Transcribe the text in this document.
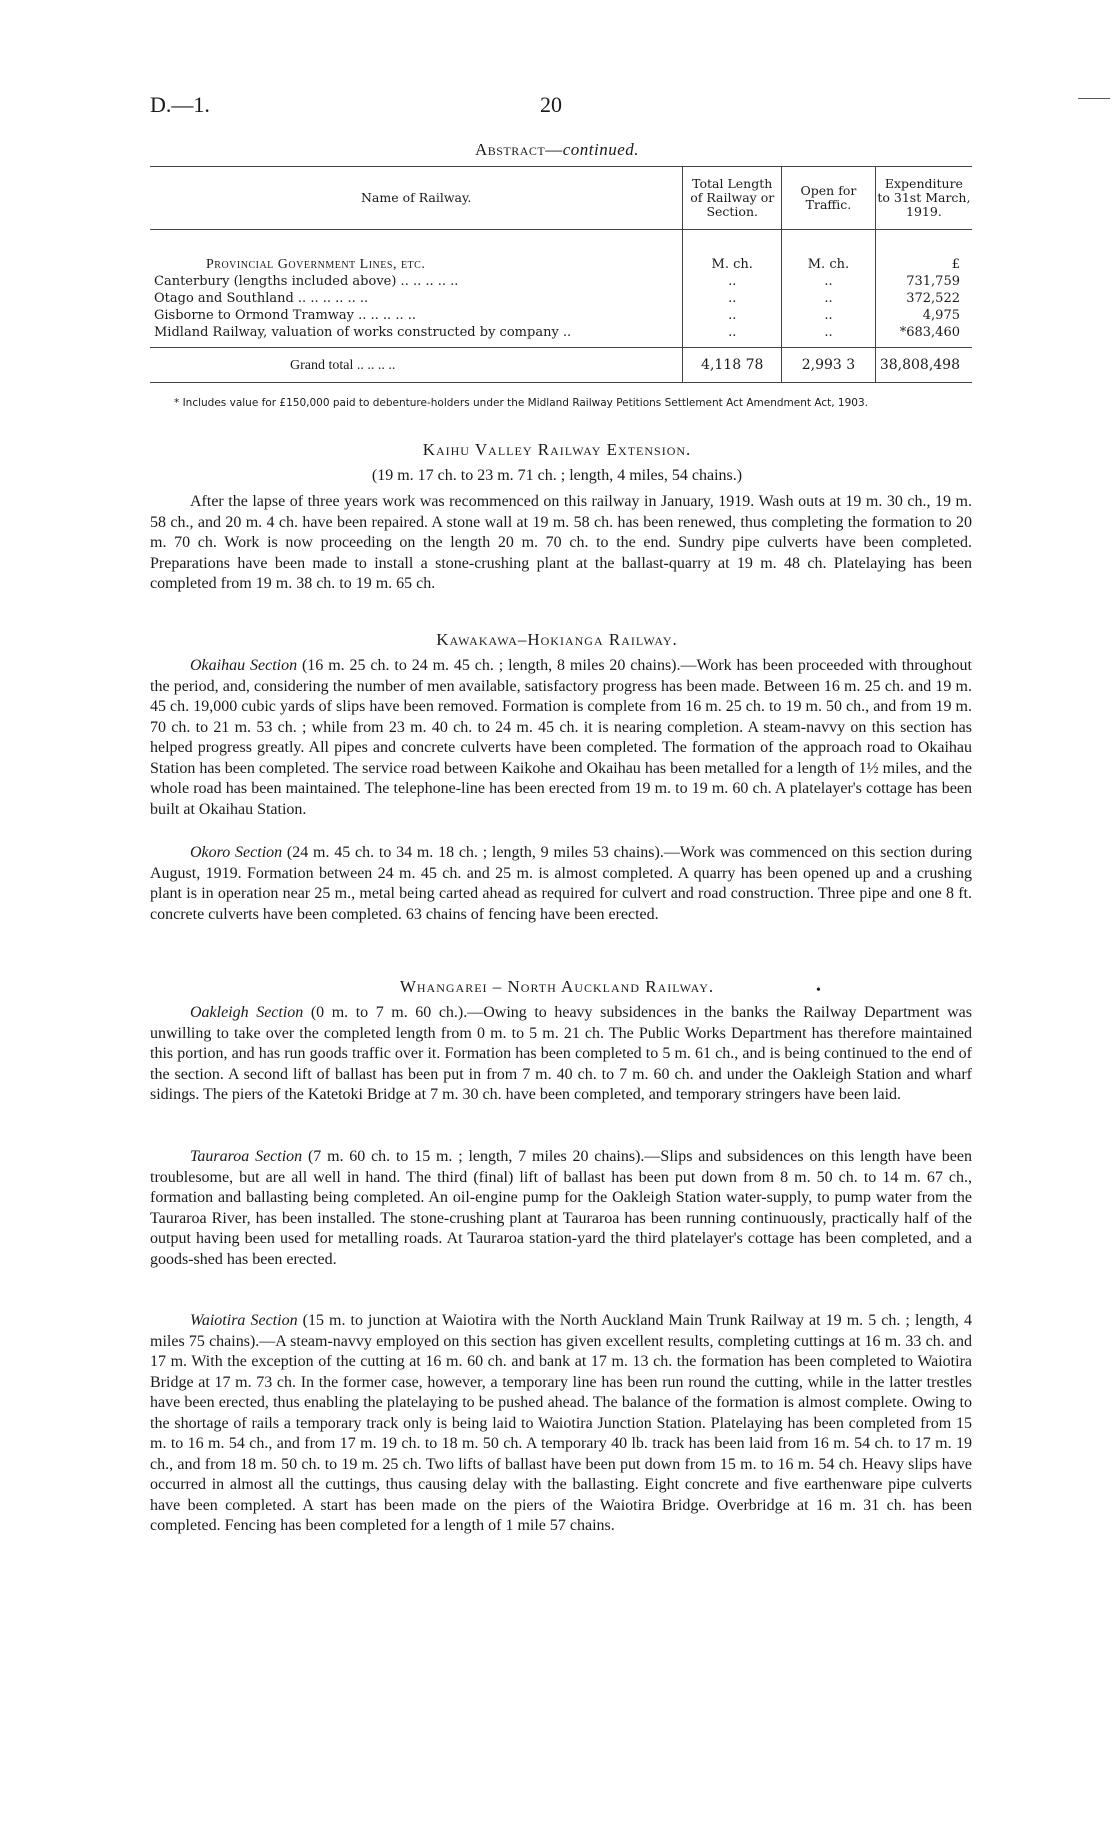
D.—1.	20
Abstract—continued.
Name of Railway.	Total Length of Railway or Section.	Open for Traffic.	Expenditure to 31st March, 1919.

Provincial Government Lines, etc.	M. ch.	M. ch.	£
Canterbury (lengths included above) .. .. .. .. ..	..	..	731,759
Otago and Southland .. .. .. .. .. ..	..	..	372,522
Gisborne to Ormond Tramway .. .. .. .. ..	..	..	4,975
Midland Railway, valuation of works constructed by company ..	..	..	*683,460
Grand total .. .. .. ..	4,118 78	2,993 3	38,808,498
* Includes value for £150,000 paid to debenture-holders under the Midland Railway Petitions Settlement Act Amendment Act, 1903.
Kaihu Valley Railway Extension.
(19 m. 17 ch. to 23 m. 71 ch. ; length, 4 miles, 54 chains.)

After the lapse of three years work was recommenced on this railway in January, 1919. Wash outs at 19 m. 30 ch., 19 m. 58 ch., and 20 m. 4 ch. have been repaired. A stone wall at 19 m. 58 ch. has been renewed, thus completing the formation to 20 m. 70 ch. Work is now proceeding on the length 20 m. 70 ch. to the end. Sundry pipe culverts have been completed. Preparations have been made to install a stone-crushing plant at the ballast-quarry at 19 m. 48 ch. Platelaying has been completed from 19 m. 38 ch. to 19 m. 65 ch.

Kawakawa–Hokianga Railway.

Okaihau Section (16 m. 25 ch. to 24 m. 45 ch. ; length, 8 miles 20 chains).—Work has been proceeded with throughout the period, and, considering the number of men available, satisfactory progress has been made. Between 16 m. 25 ch. and 19 m. 45 ch. 19,000 cubic yards of slips have been removed. Formation is complete from 16 m. 25 ch. to 19 m. 50 ch., and from 19 m. 70 ch. to 21 m. 53 ch. ; while from 23 m. 40 ch. to 24 m. 45 ch. it is nearing completion. A steam-navvy on this section has helped progress greatly. All pipes and concrete culverts have been completed. The formation of the approach road to Okaihau Station has been completed. The service road between Kaikohe and Okaihau has been metalled for a length of 1½ miles, and the whole road has been maintained. The telephone-line has been erected from 19 m. to 19 m. 60 ch. A platelayer's cottage has been built at Okaihau Station.

Okoro Section (24 m. 45 ch. to 34 m. 18 ch. ; length, 9 miles 53 chains).—Work was commenced on this section during August, 1919. Formation between 24 m. 45 ch. and 25 m. is almost completed. A quarry has been opened up and a crushing plant is in operation near 25 m., metal being carted ahead as required for culvert and road construction. Three pipe and one 8 ft. concrete culverts have been completed. 63 chains of fencing have been erected.

Whangarei – North Auckland Railway.	•

Oakleigh Section (0 m. to 7 m. 60 ch.).—Owing to heavy subsidences in the banks the Railway Department was unwilling to take over the completed length from 0 m. to 5 m. 21 ch. The Public Works Department has therefore maintained this portion, and has run goods traffic over it. Formation has been completed to 5 m. 61 ch., and is being continued to the end of the section. A second lift of ballast has been put in from 7 m. 40 ch. to 7 m. 60 ch. and under the Oakleigh Station and wharf sidings. The piers of the Katetoki Bridge at 7 m. 30 ch. have been completed, and temporary stringers have been laid.

Tauraroa Section (7 m. 60 ch. to 15 m. ; length, 7 miles 20 chains).—Slips and subsidences on this length have been troublesome, but are all well in hand. The third (final) lift of ballast has been put down from 8 m. 50 ch. to 14 m. 67 ch., formation and ballasting being completed. An oil-engine pump for the Oakleigh Station water-supply, to pump water from the Tauraroa River, has been installed. The stone-crushing plant at Tauraroa has been running continuously, practically half of the output having been used for metalling roads. At Tauraroa station-yard the third platelayer's cottage has been completed, and a goods-shed has been erected.

Waiotira Section (15 m. to junction at Waiotira with the North Auckland Main Trunk Railway at 19 m. 5 ch. ; length, 4 miles 75 chains).—A steam-navvy employed on this section has given excellent results, completing cuttings at 16 m. 33 ch. and 17 m. With the exception of the cutting at 16 m. 60 ch. and bank at 17 m. 13 ch. the formation has been completed to Waiotira Bridge at 17 m. 73 ch. In the former case, however, a temporary line has been run round the cutting, while in the latter trestles have been erected, thus enabling the platelaying to be pushed ahead. The balance of the formation is almost complete. Owing to the shortage of rails a temporary track only is being laid to Waiotira Junction Station. Platelaying has been completed from 15 m. to 16 m. 54 ch., and from 17 m. 19 ch. to 18 m. 50 ch. A temporary 40 lb. track has been laid from 16 m. 54 ch. to 17 m. 19 ch., and from 18 m. 50 ch. to 19 m. 25 ch. Two lifts of ballast have been put down from 15 m. to 16 m. 54 ch. Heavy slips have occurred in almost all the cuttings, thus causing delay with the ballasting. Eight concrete and five earthenware pipe culverts have been completed. A start has been made on the piers of the Waiotira Bridge. Overbridge at 16 m. 31 ch. has been completed. Fencing has been completed for a length of 1 mile 57 chains.
